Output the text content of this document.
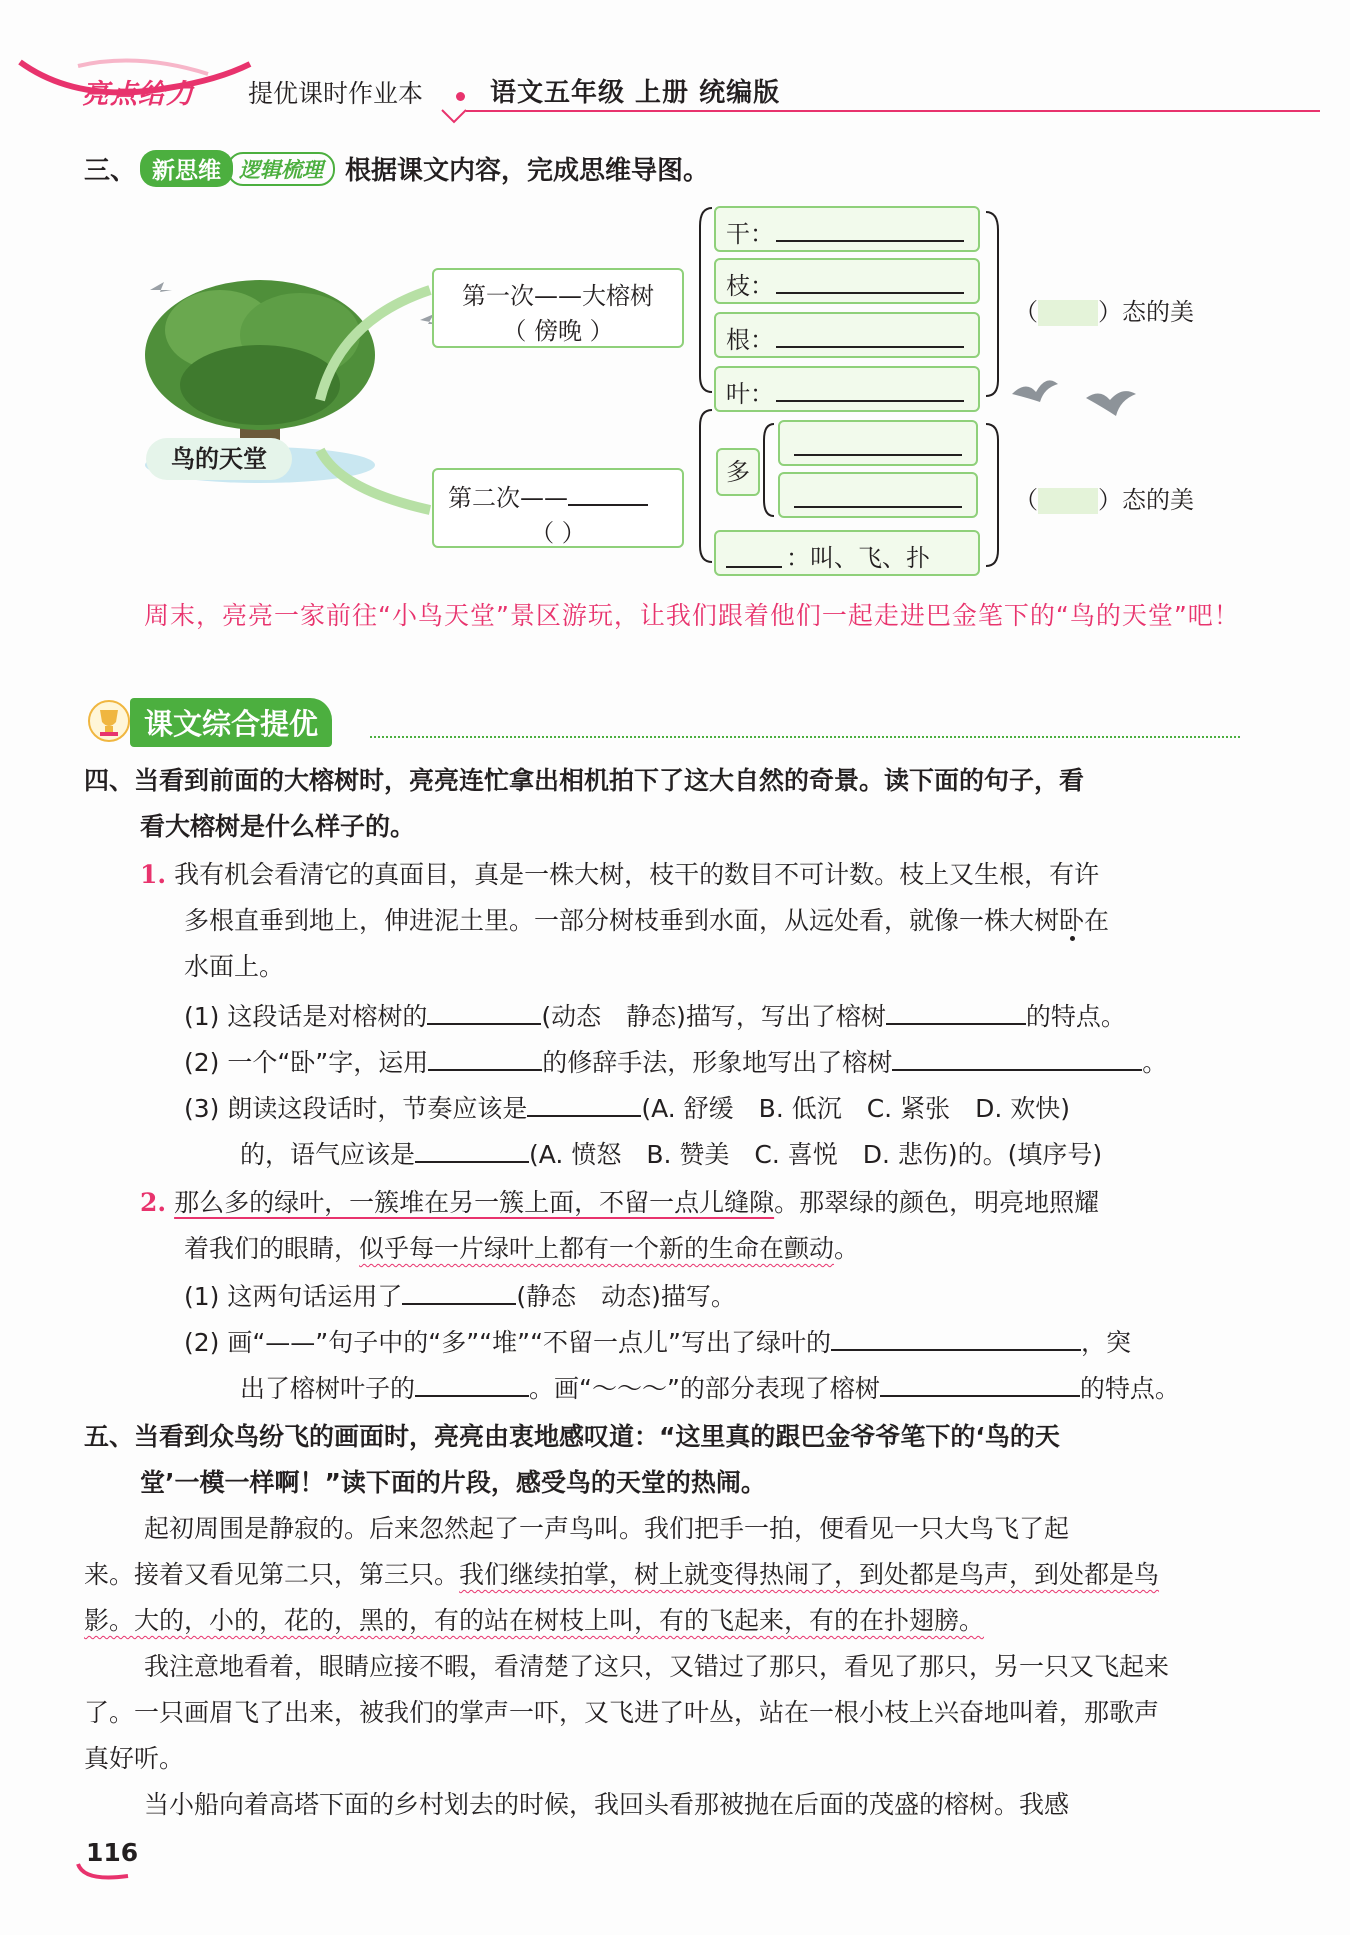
亮点给力 提优课时作业本	语文五年级 上册 统编版
三、 新思维 逻辑梳理 根据课文内容，完成思维导图。
鸟的天堂
第一次——大榕树
（ 傍晚 ）
第二次——
（ ）
干：
枝：
根：
叶：
多
：叫、飞、扑
（	）态的美
（	）态的美
周末，亮亮一家前往“小鸟天堂”景区游玩，让我们跟着他们一起走进巴金笔下的“鸟的天堂”吧！
课文综合提优
四、当看到前面的大榕树时，亮亮连忙拿出相机拍下了这大自然的奇景。读下面的句子，看
看大榕树是什么样子的。
1. 我有机会看清它的真面目，真是一株大树，枝干的数目不可计数。枝上又生根，有许
多根直垂到地上，伸进泥土里。一部分树枝垂到水面，从远处看，就像一株大树卧在
水面上。
(1) 这段话是对榕树的	(动态　静态)描写，写出了榕树	的特点。
(2) 一个“卧”字，运用	的修辞手法，形象地写出了榕树	。
(3) 朗读这段话时，节奏应该是	(A. 舒缓　B. 低沉　C. 紧张　D. 欢快)
的，语气应该是	(A. 愤怒　B. 赞美　C. 喜悦　D. 悲伤)的。(填序号)
2. 那么多的绿叶，一簇堆在另一簇上面，不留一点儿缝隙。那翠绿的颜色，明亮地照耀
着我们的眼睛，似乎每一片绿叶上都有一个新的生命在颤动。
(1) 这两句话运用了	(静态　动态)描写。
(2) 画“——”句子中的“多”“堆”“不留一点儿”写出了绿叶的	，突
出了榕树叶子的	。画“～～～”的部分表现了榕树	的特点。
五、当看到众鸟纷飞的画面时，亮亮由衷地感叹道：“这里真的跟巴金爷爷笔下的‘鸟的天
堂’一模一样啊！”读下面的片段，感受鸟的天堂的热闹。
起初周围是静寂的。后来忽然起了一声鸟叫。我们把手一拍，便看见一只大鸟飞了起
来。接着又看见第二只，第三只。我们继续拍掌，树上就变得热闹了，到处都是鸟声，到处都是鸟
影。大的，小的，花的，黑的，有的站在树枝上叫，有的飞起来，有的在扑翅膀。
我注意地看着，眼睛应接不暇，看清楚了这只，又错过了那只，看见了那只，另一只又飞起来
了。一只画眉飞了出来，被我们的掌声一吓，又飞进了叶丛，站在一根小枝上兴奋地叫着，那歌声
真好听。
当小船向着高塔下面的乡村划去的时候，我回头看那被抛在后面的茂盛的榕树。我感
116
